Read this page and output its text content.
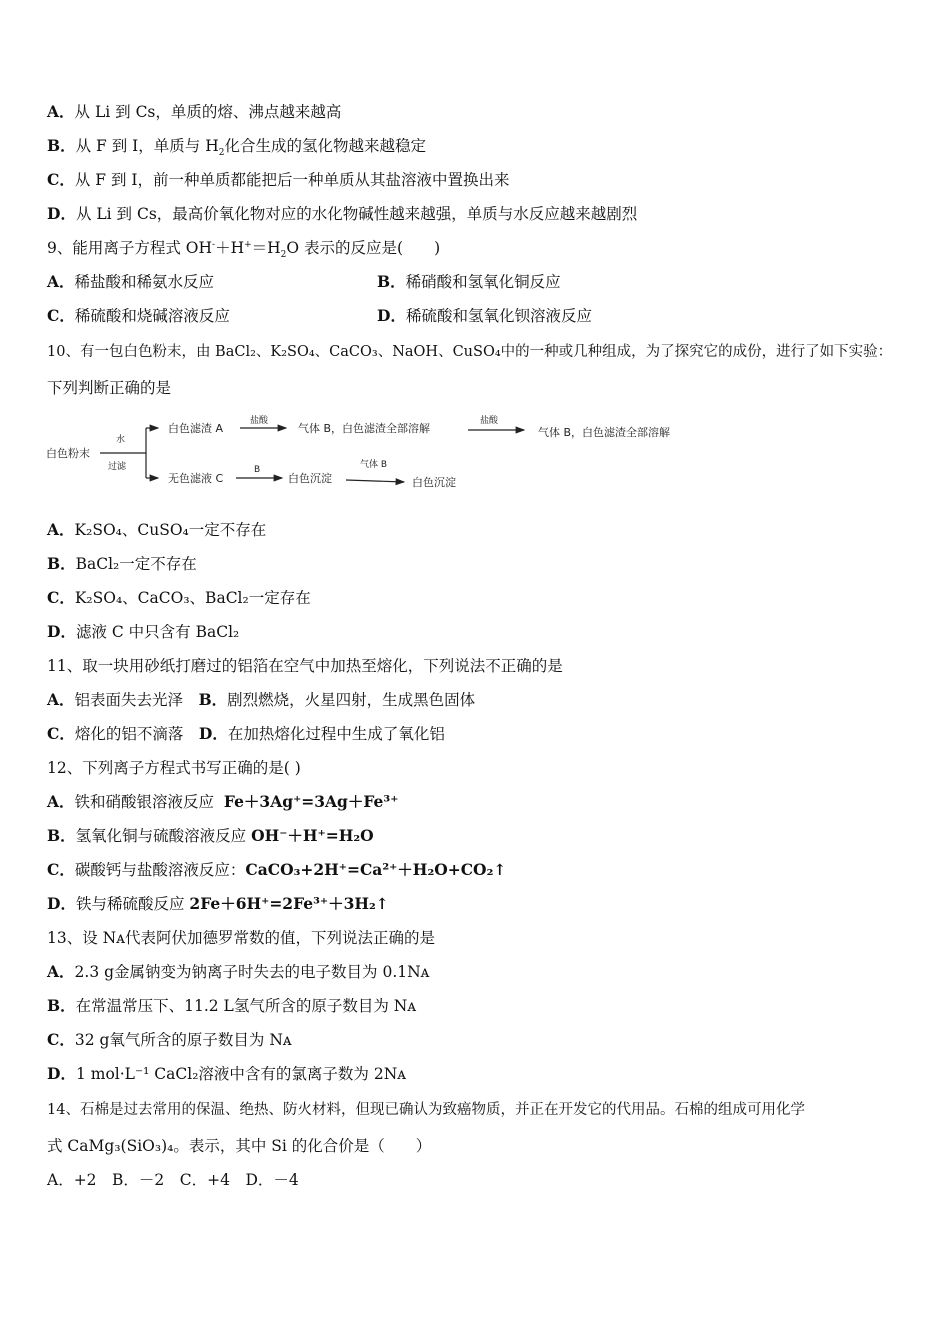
A．从 Li 到 Cs，单质的熔、沸点越来越高
B．从 F 到 I，单质与 $H_2$化合生成的氢化物越来越稳定
C．从 F 到 I，前一种单质都能把后一种单质从其盐溶液中置换出来
D．从 Li 到 Cs，最高价氧化物对应的水化物碱性越来越强，单质与水反应越来越剧烈
9、能用离子方程式 $OH^-+H^+=H_2O$ 表示的反应是(　　)
A．稀盐酸和稀氨水反应	B．稀硝酸和氢氧化铜反应
C．稀硫酸和烧碱溶液反应	D．稀硫酸和氢氧化钡溶液反应
10、有一包白色粉末，由 BaCl₂、K₂SO₄、CaCO₃、NaOH、CuSO₄中的一种或几种组成，为了探究它的成份，进行了如下实验：
下列判断正确的是
白色粉末
水
过滤
白色滤渣 A
盐酸
气体 B，白色滤渣全部溶解
盐酸
气体 B，白色滤渣全部溶解
无色滤液 C
B
白色沉淀
气体 B
白色沉淀
A．K₂SO₄、CuSO₄一定不存在
B．BaCl₂一定不存在
C．K₂SO₄、CaCO₃、BaCl₂一定存在
D．滤液 C 中只含有 BaCl₂
11、取一块用砂纸打磨过的铝箔在空气中加热至熔化，下列说法不正确的是
A．铝表面失去光泽　 B．剧烈燃烧，火星四射，生成黑色固体
C．熔化的铝不滴落　 D．在加热熔化过程中生成了氧化铝
12、下列离子方程式书写正确的是( )
A．铁和硝酸银溶液反应 Fe＋3Ag⁺=3Ag＋Fe³⁺
B．氢氧化铜与硫酸溶液反应 OH⁻＋H⁺=H₂O
C．碳酸钙与盐酸溶液反应：CaCO₃+2H⁺=Ca²⁺＋H₂O+CO₂↑
D．铁与稀硫酸反应 2Fe＋6H⁺=2Fe³⁺＋3H₂↑
13、设 Nᴀ代表阿伏加德罗常数的值，下列说法正确的是
A．2.3 g金属钠变为钠离子时失去的电子数目为 0.1Nᴀ
B．在常温常压下、11.2 L氢气所含的原子数目为 Nᴀ
C．32 g氧气所含的原子数目为 Nᴀ
D．1 mol·L⁻¹ CaCl₂溶液中含有的氯离子数为 2Nᴀ
14、石棉是过去常用的保温、绝热、防火材料，但现已确认为致癌物质，并正在开发它的代用品。石棉的组成可用化学
式 CaMg₃(SiO₃)₄。表示，其中 Si 的化合价是（　　）
A．+2　B．－2　C．+4　D．－4
